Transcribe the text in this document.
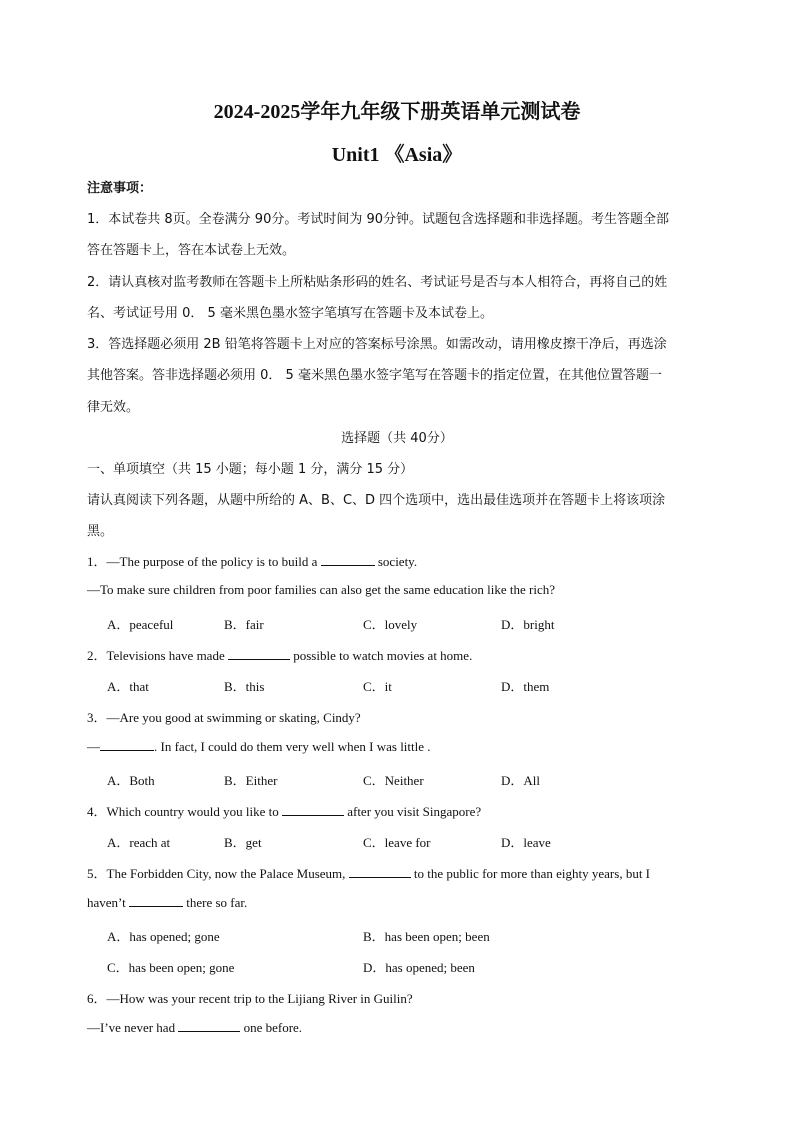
2024-2025学年九年级下册英语单元测试卷
Unit1 《Asia》
注意事项：
1．本试卷共 8页。全卷满分 90分。考试时间为 90分钟。试题包含选择题和非选择题。考生答题全部
答在答题卡上，答在本试卷上无效。
2．请认真核对监考教师在答题卡上所粘贴条形码的姓名、考试证号是否与本人相符合，再将自己的姓
名、考试证号用 0． 5 毫米黑色墨水签字笔填写在答题卡及本试卷上。
3．答选择题必须用 2B 铅笔将答题卡上对应的答案标号涂黑。如需改动，请用橡皮擦干净后，再选涂
其他答案。答非选择题必须用 0． 5 毫米黑色墨水签字笔写在答题卡的指定位置，在其他位置答题一
律无效。
选择题（共 40分）
一、单项填空（共 15 小题；每小题 1 分，满分 15 分）
请认真阅读下列各题，从题中所给的 A、B、C、D 四个选项中，选出最佳选项并在答题卡上将该项涂
黑。
1．—The purpose of the policy is to build a	society.
—To make sure children from poor families can also get the same education like the rich?
A．peaceful	B．fair	C．lovely	D．bright
2．Televisions have made	possible to watch movies at home.
A．that	B．this	C．it	D．them
3．—Are you good at swimming or skating, Cindy?
—	. In fact, I could do them very well when I was little .
A．Both	B．Either	C．Neither	D．All
4．Which country would you like to	after you visit Singapore?
A．reach at	B．get	C．leave for	D．leave
5．The Forbidden City, now the Palace Museum,	to the public for more than eighty years, but I
haven’t	there so far.
A．has opened; gone	B．has been open; been
C．has been open; gone	D．has opened; been
6．—How was your recent trip to the Lijiang River in Guilin?
—I’ve never had	one before.
